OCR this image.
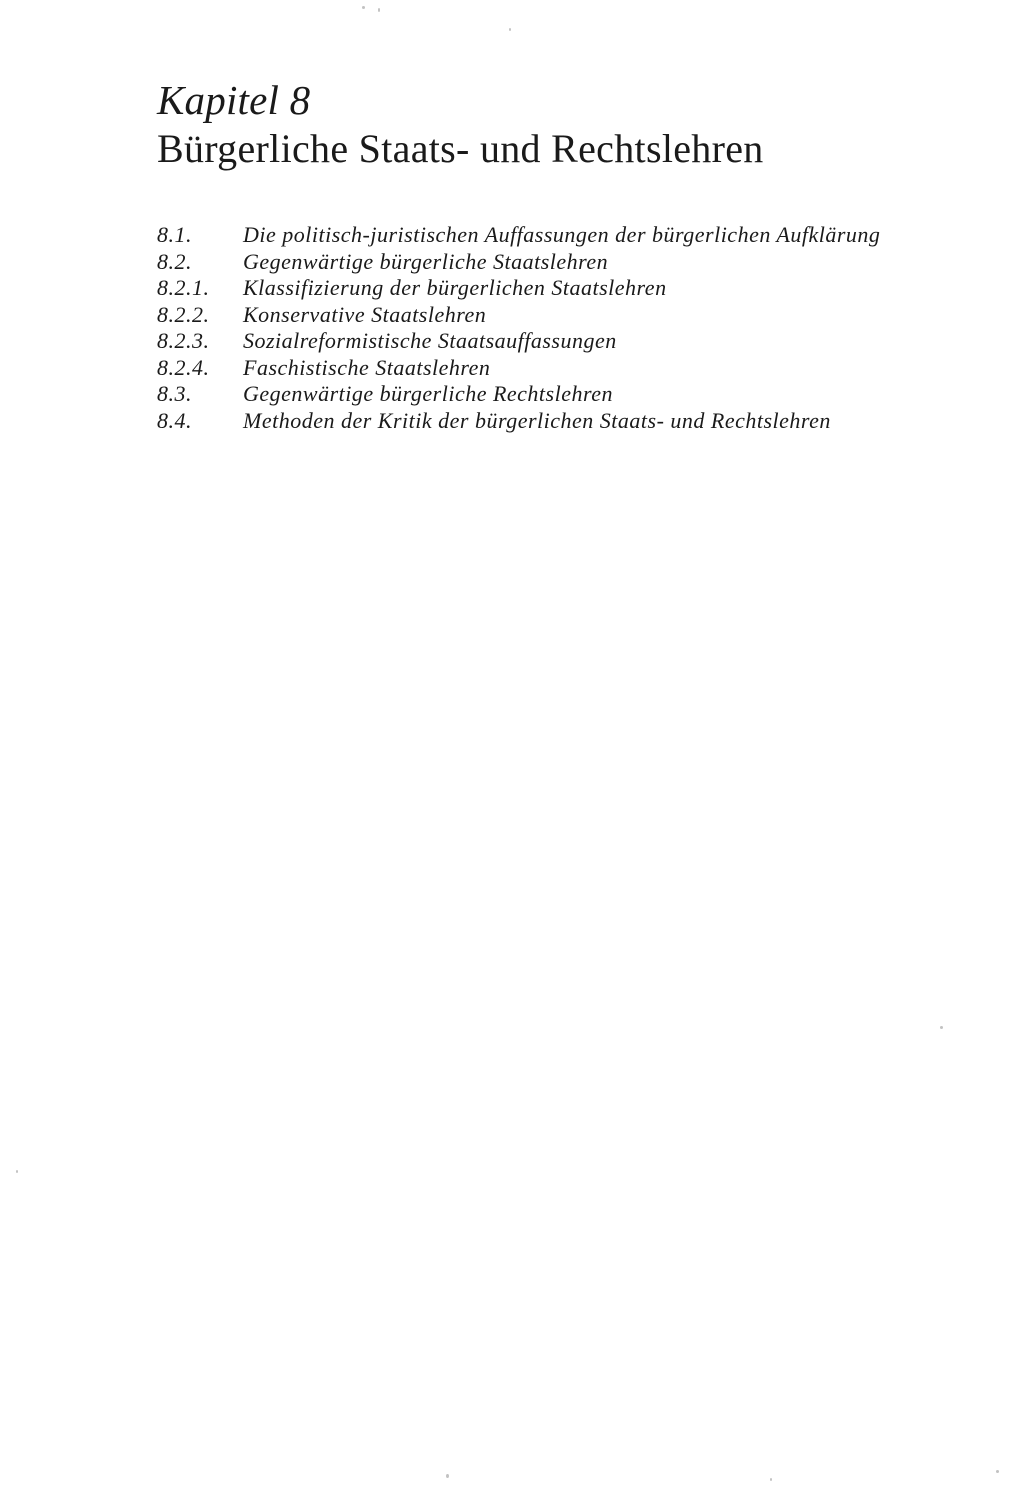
Kapitel 8
Bürgerliche Staats- und Rechtslehren
8.1. Die politisch-juristischen Auffassungen der bürgerlichen Aufklärung
8.2. Gegenwärtige bürgerliche Staatslehren
8.2.1. Klassifizierung der bürgerlichen Staatslehren
8.2.2. Konservative Staatslehren
8.2.3. Sozialreformistische Staatsauffassungen
8.2.4. Faschistische Staatslehren
8.3. Gegenwärtige bürgerliche Rechtslehren
8.4. Methoden der Kritik der bürgerlichen Staats- und Rechtslehren
